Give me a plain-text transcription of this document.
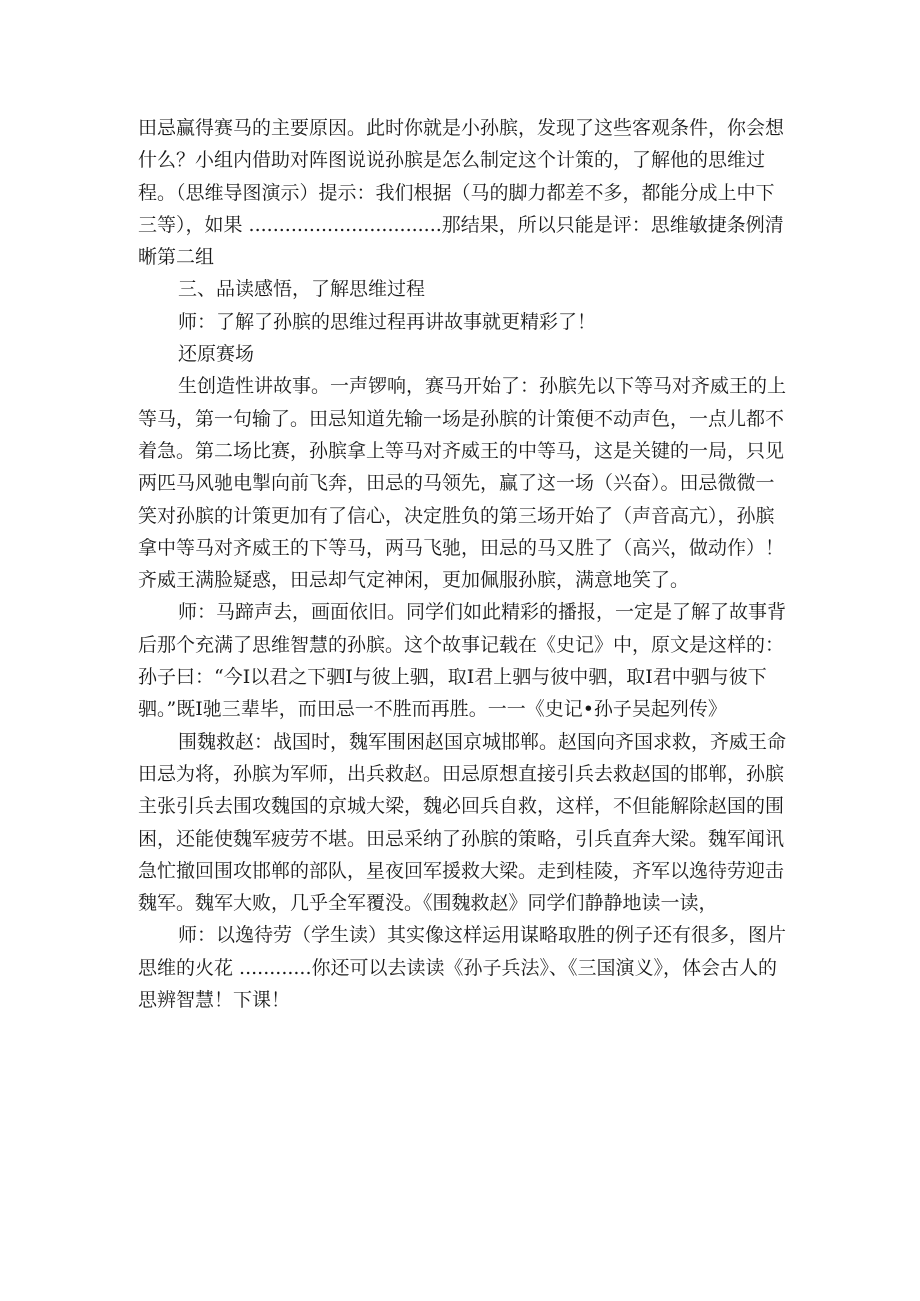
田忌赢得赛马的主要原因。此时你就是小孙膑，发现了这些客观条件，你会想什么？小组内借助对阵图说说孙膑是怎么制定这个计策的，了解他的思维过程。（思维导图演示）提示：我们根据（马的脚力都差不多，都能分成上中下三等），如果 ................................那结果，所以只能是评：思维敏捷条例清晰第二组

三、品读感悟，了解思维过程

师：了解了孙膑的思维过程再讲故事就更精彩了！

还原赛场

生创造性讲故事。一声锣响，赛马开始了：孙膑先以下等马对齐威王的上等马，第一句输了。田忌知道先输一场是孙膑的计策便不动声色，一点儿都不着急。第二场比赛，孙膑拿上等马对齐威王的中等马，这是关键的一局，只见两匹马风驰电掣向前飞奔，田忌的马领先，赢了这一场（兴奋）。田忌微微一笑对孙膑的计策更加有了信心，决定胜负的第三场开始了（声音高亢），孙膑拿中等马对齐威王的下等马，两马飞驰，田忌的马又胜了（高兴，做动作）！齐威王满脸疑惑，田忌却气定神闲，更加佩服孙膑，满意地笑了。

师：马蹄声去，画面依旧。同学们如此精彩的播报，一定是了解了故事背后那个充满了思维智慧的孙膑。这个故事记载在《史记》中，原文是这样的：孙子曰：“今Ⅰ以君之下驷Ⅰ与彼上驷，取Ⅰ君上驷与彼中驷，取Ⅰ君中驷与彼下驷。”既Ⅰ驰三辈毕，而田忌一不胜而再胜。一一《史记•孙子吴起列传》

围魏救赵：战国时，魏军围困赵国京城邯郸。赵国向齐国求救，齐威王命田忌为将，孙膑为军师，出兵救赵。田忌原想直接引兵去救赵国的邯郸，孙膑主张引兵去围攻魏国的京城大梁，魏必回兵自救，这样，不但能解除赵国的围困，还能使魏军疲劳不堪。田忌采纳了孙膑的策略，引兵直奔大梁。魏军闻讯急忙撤回围攻邯郸的部队，星夜回军援救大梁。走到桂陵，齐军以逸待劳迎击魏军。魏军大败，几乎全军覆没。《围魏救赵》同学们静静地读一读，

师：以逸待劳（学生读）其实像这样运用谋略取胜的例子还有很多，图片思维的火花 ............你还可以去读读《孙子兵法》、《三国演义》，体会古人的思辨智慧！下课！
